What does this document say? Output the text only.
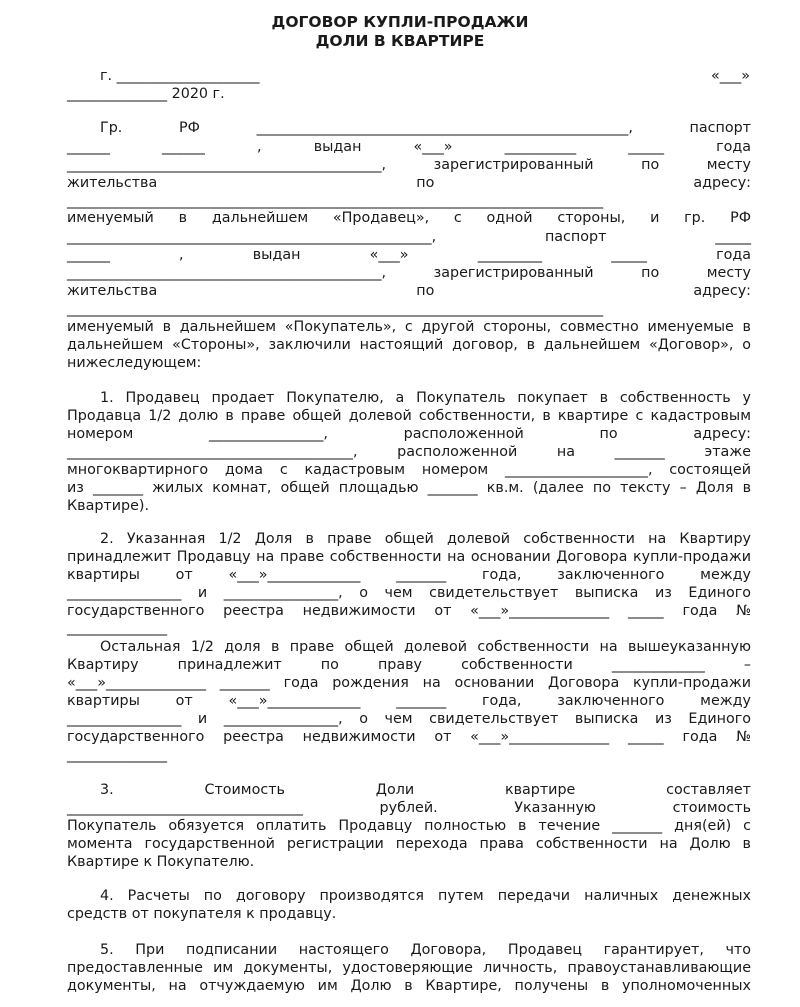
ДОГОВОР КУПЛИ-ПРОДАЖИ
ДОЛИ В КВАРТИРЕ
г. ____________________	«___»
______________ 2020 г.
Гр. РФ ____________________________________________________, паспорт
______ ______ , выдан «___» __________ _____ года
____________________________________________, зарегистрированный по месту
жительства по адресу:
___________________________________________________________________________
именуемый в дальнейшем «Продавец», с одной стороны, и гр. РФ
___________________________________________________, паспорт _____
______ , выдан «___» _________ _____ года
____________________________________________, зарегистрированный по месту
жительства по адресу:
___________________________________________________________________________
именуемый в дальнейшем «Покупатель», с другой стороны, совместно именуемые в
дальнейшем «Стороны», заключили настоящий договор, в дальнейшем «Договор», о
нижеследующем:
1. Продавец продает Покупателю, а Покупатель покупает в собственность у
Продавца 1/2 долю в праве общей долевой собственности, в квартире с кадастровым
номером ________________, расположенной по адресу:
________________________________________, расположенной на _______ этаже
многоквартирного дома с кадастровым номером ____________________, состоящей
из _______ жилых комнат, общей площадью _______ кв.м. (далее по тексту – Доля в
Квартире).
2. Указанная 1/2 Доля в праве общей долевой собственности на Квартиру
принадлежит Продавцу на праве собственности на основании Договора купли-продажи
квартиры от «___»_____________ _______ года, заключенного между
________________ и ________________, о чем свидетельствует выписка из Единого
государственного реестра недвижимости от «___»______________ _____ года №
______________
Остальная 1/2 доля в праве общей долевой собственности на вышеуказанную
Квартиру принадлежит по праву собственности _____________ –
«___»______________ _______ года рождения на основании Договора купли-продажи
квартиры от «___»_____________ _______ года, заключенного между
________________ и ________________, о чем свидетельствует выписка из Единого
государственного реестра недвижимости от «___»______________ _____ года №
______________
3. Стоимость Доли квартире составляет
_________________________________ рублей. Указанную стоимость
Покупатель обязуется оплатить Продавцу полностью в течение _______ дня(ей) с
момента государственной регистрации перехода права собственности на Долю в
Квартире к Покупателю.
4. Расчеты по договору производятся путем передачи наличных денежных
средств от покупателя к продавцу.
5. При подписании настоящего Договора, Продавец гарантирует, что
предоставленные им документы, удостоверяющие личность, правоустанавливающие
документы, на отчуждаемую им Долю в Квартире, получены в уполномоченных
